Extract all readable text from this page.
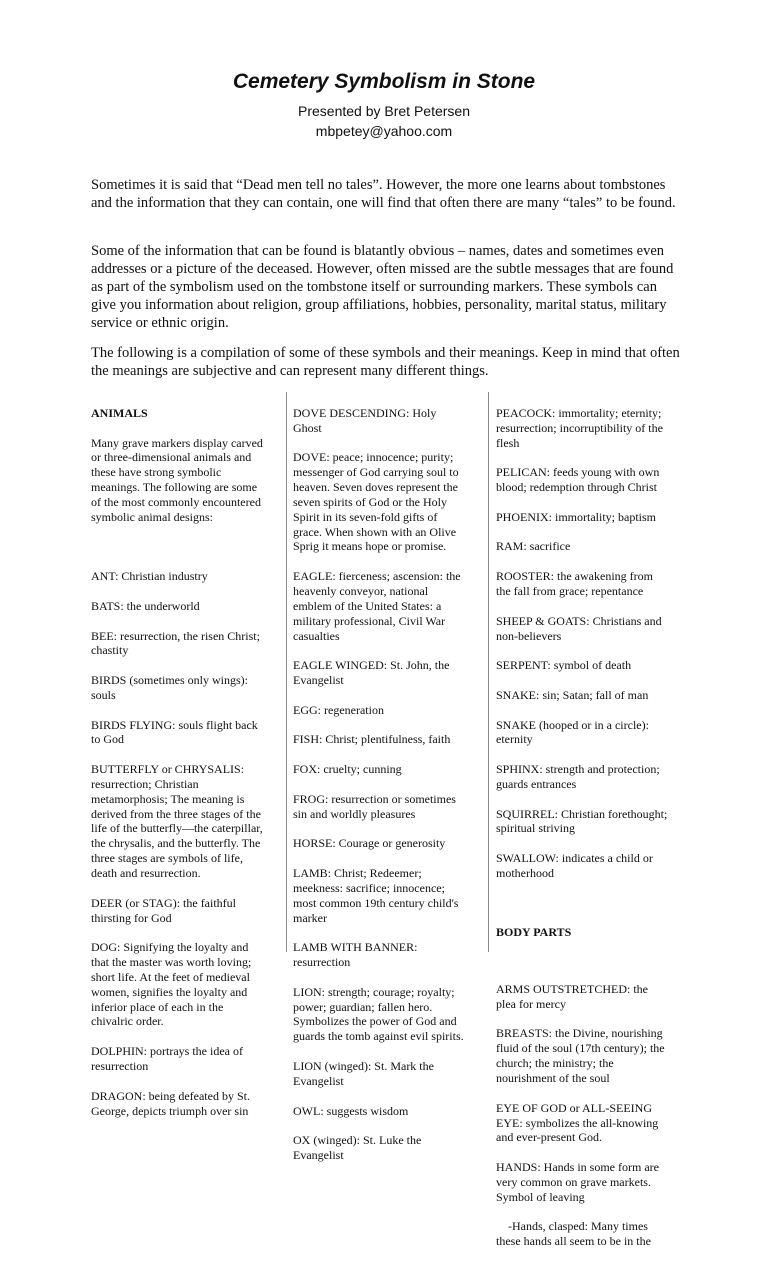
Cemetery Symbolism in Stone
Presented by Bret Petersen
mbpetey@yahoo.com

Sometimes it is said that “Dead men tell no tales”. However, the more one learns about tombstones and the information that they can contain, one will find that often there are many “tales” to be found.

Some of the information that can be found is blatantly obvious – names, dates and sometimes even addresses or a picture of the deceased. However, often missed are the subtle messages that are found as part of the symbolism used on the tombstone itself or surrounding markers. These symbols can give you information about religion, group affiliations, hobbies, personality, marital status, military service or ethnic origin.

The following is a compilation of some of these symbols and their meanings. Keep in mind that often the meanings are subjective and can represent many different things.

ANIMALS

Many grave markers display carved
or three-dimensional animals and
these have strong symbolic
meanings. The following are some
of the most commonly encountered
symbolic animal designs:

ANT: Christian industry

BATS: the underworld

BEE: resurrection, the risen Christ;
chastity

BIRDS (sometimes only wings):
souls

BIRDS FLYING: souls flight back
to God

BUTTERFLY or CHRYSALIS:
resurrection; Christian
metamorphosis; The meaning is
derived from the three stages of the
life of the butterfly—the caterpillar,
the chrysalis, and the butterfly. The
three stages are symbols of life,
death and resurrection.

DEER (or STAG): the faithful
thirsting for God

DOG: Signifying the loyalty and
that the master was worth loving;
short life. At the feet of medieval
women, signifies the loyalty and
inferior place of each in the
chivalric order.

DOLPHIN: portrays the idea of
resurrection

DRAGON: being defeated by St.
George, depicts triumph over sin

DOVE DESCENDING: Holy
Ghost

DOVE: peace; innocence; purity;
messenger of God carrying soul to
heaven. Seven doves represent the
seven spirits of God or the Holy
Spirit in its seven-fold gifts of
grace. When shown with an Olive
Sprig it means hope or promise.

EAGLE: fierceness; ascension: the
heavenly conveyor, national
emblem of the United States: a
military professional, Civil War
casualties

EAGLE WINGED: St. John, the
Evangelist

EGG: regeneration

FISH: Christ; plentifulness, faith

FOX: cruelty; cunning

FROG: resurrection or sometimes
sin and worldly pleasures

HORSE: Courage or generosity

LAMB: Christ; Redeemer;
meekness: sacrifice; innocence;
most common 19th century child's
marker

LAMB WITH BANNER:
resurrection

LION: strength; courage; royalty;
power; guardian; fallen hero.
Symbolizes the power of God and
guards the tomb against evil spirits.

LION (winged): St. Mark the
Evangelist

OWL: suggests wisdom

OX (winged): St. Luke the
Evangelist

PEACOCK: immortality; eternity;
resurrection; incorruptibility of the
flesh

PELICAN: feeds young with own
blood; redemption through Christ

PHOENIX: immortality; baptism

RAM: sacrifice

ROOSTER: the awakening from
the fall from grace; repentance

SHEEP & GOATS: Christians and
non-believers

SERPENT: symbol of death

SNAKE: sin; Satan; fall of man

SNAKE (hooped or in a circle):
eternity

SPHINX: strength and protection;
guards entrances

SQUIRREL: Christian forethought;
spiritual striving

SWALLOW: indicates a child or
motherhood

BODY PARTS

ARMS OUTSTRETCHED: the
plea for mercy

BREASTS: the Divine, nourishing
fluid of the soul (17th century); the
church; the ministry; the
nourishment of the soul

EYE OF GOD or ALL-SEEING
EYE: symbolizes the all-knowing
and ever-present God.

HANDS: Hands in some form are
very common on grave markets.
Symbol of leaving

-Hands, clasped: Many times
these hands all seem to be in the
